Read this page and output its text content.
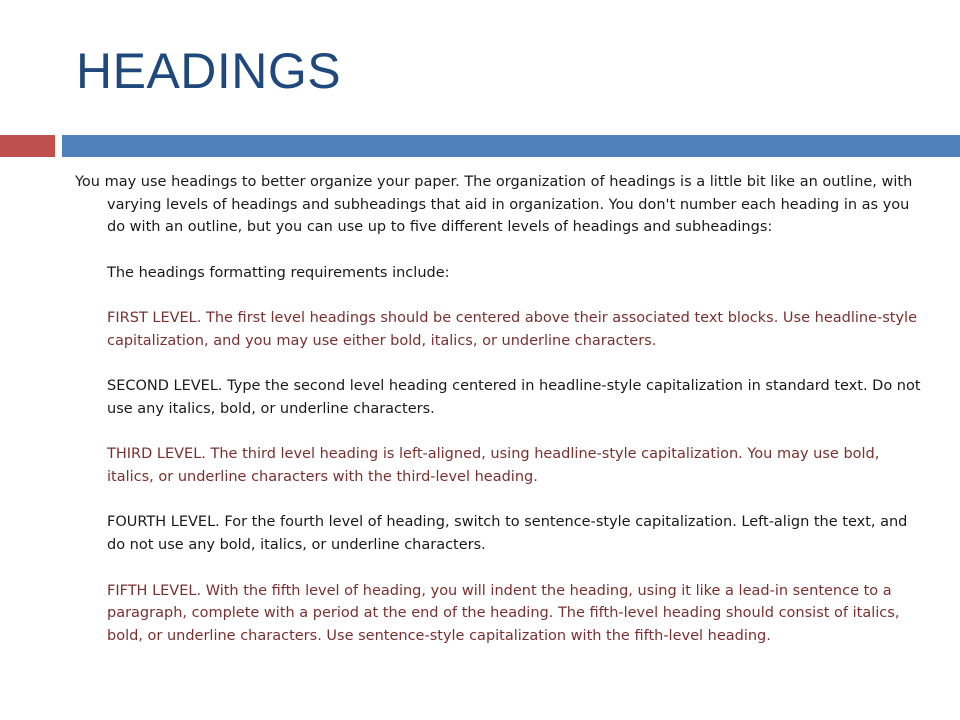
HEADINGS

You may use headings to better organize your paper. The organization of headings is a little bit like an outline, with varying levels of headings and subheadings that aid in organization. You don't number each heading in as you do with an outline, but you can use up to five different levels of headings and subheadings:

The headings formatting requirements include:

FIRST LEVEL. The first level headings should be centered above their associated text blocks. Use headline-style capitalization, and you may use either bold, italics, or underline characters.

SECOND LEVEL. Type the second level heading centered in headline-style capitalization in standard text. Do not use any italics, bold, or underline characters.

THIRD LEVEL. The third level heading is left-aligned, using headline-style capitalization. You may use bold, italics, or underline characters with the third-level heading.

FOURTH LEVEL. For the fourth level of heading, switch to sentence-style capitalization. Left-align the text, and do not use any bold, italics, or underline characters.

FIFTH LEVEL. With the fifth level of heading, you will indent the heading, using it like a lead-in sentence to a paragraph, complete with a period at the end of the heading. The fifth-level heading should consist of italics, bold, or underline characters. Use sentence-style capitalization with the fifth-level heading.
